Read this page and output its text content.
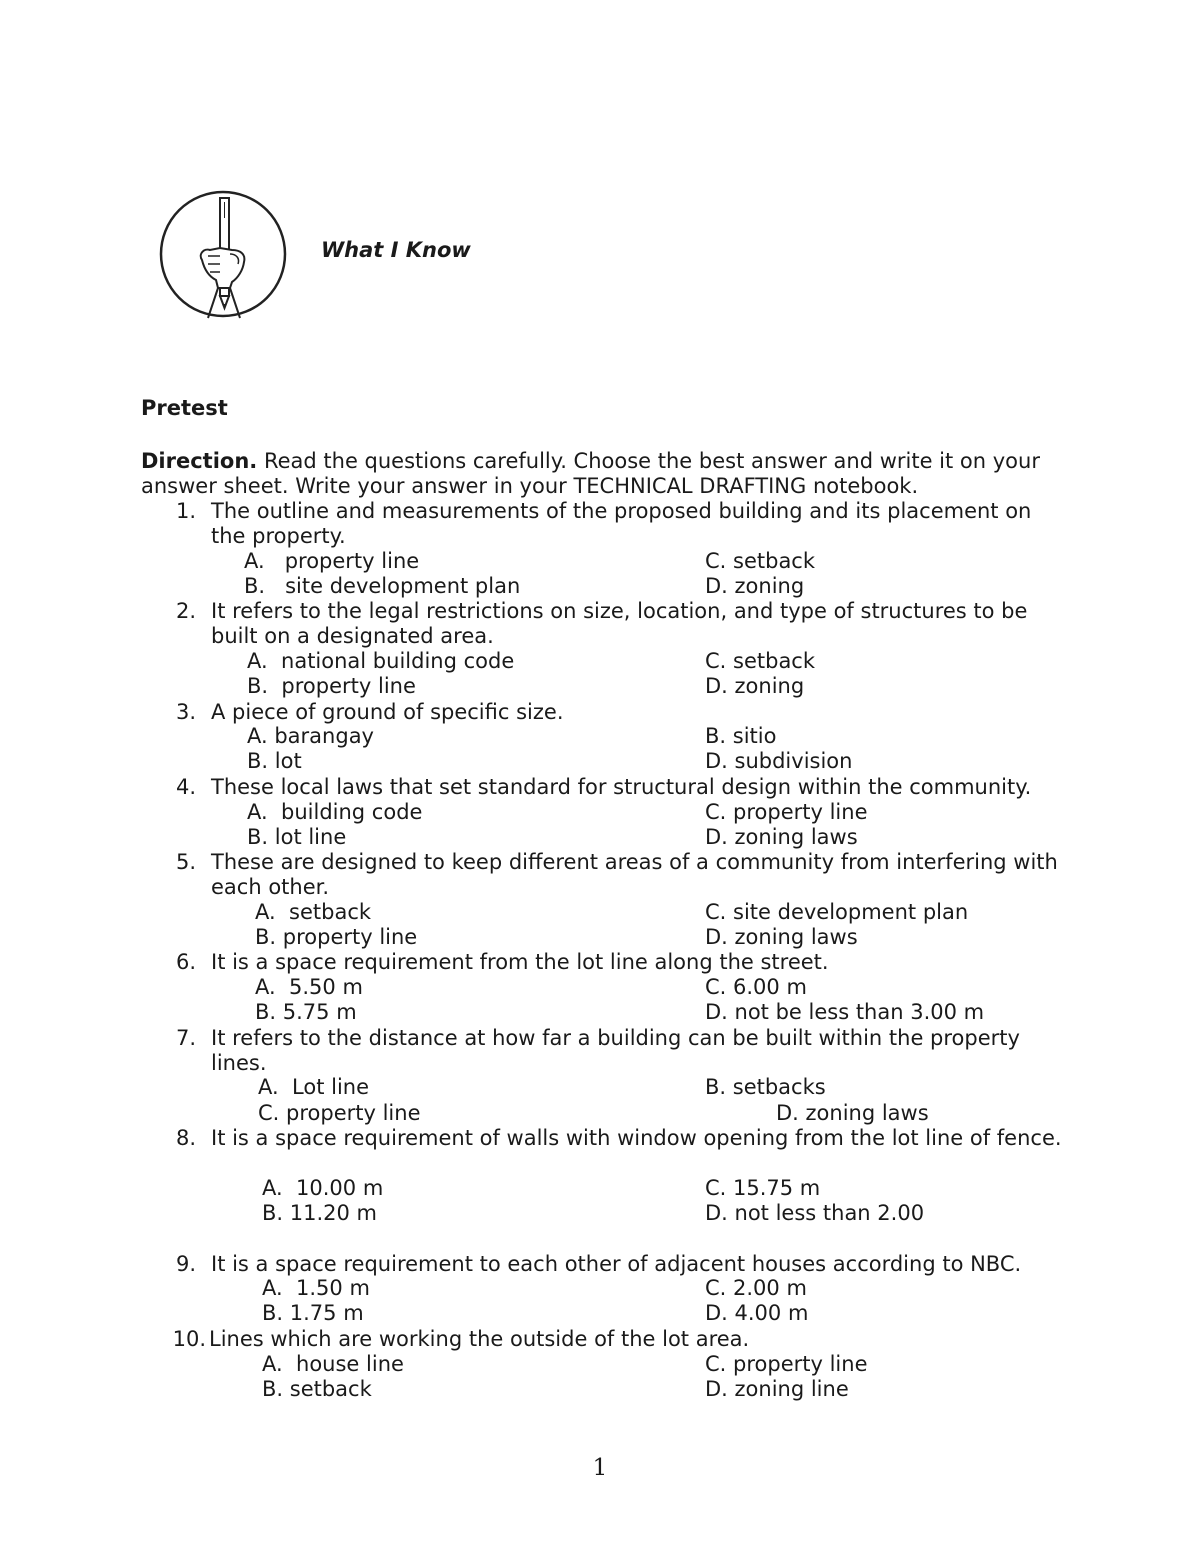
What I Know
Pretest
Direction. Read the questions carefully. Choose the best answer and write it on your answer sheet. Write your answer in your TECHNICAL DRAFTING notebook.
1. The outline and measurements of the proposed building and its placement on the property.
A.   property line
B.   site development plan
C. setback
D. zoning
2. It refers to the legal restrictions on size, location, and type of structures to be built on a designated area.
A.  national building code
B.  property line
C. setback
D. zoning
3. A piece of ground of specific size.
A. barangay
B. lot
B. sitio
D. subdivision
4. These local laws that set standard for structural design within the community.
A.  building code
B. lot line
C. property line
D. zoning laws
5. These are designed to keep different areas of a community from interfering with each other.
A.  setback
B. property line
C. site development plan
D. zoning laws
6. It is a space requirement from the lot line along the street.
A.  5.50 m
B. 5.75 m
C. 6.00 m
D. not be less than 3.00 m
7. It refers to the distance at how far a building can be built within the property lines.
A.  Lot line
C. property line
B. setbacks
D. zoning laws
8. It is a space requirement of walls with window opening from the lot line of fence.
A.  10.00 m
B. 11.20 m
C. 15.75 m
D. not less than 2.00
9. It is a space requirement to each other of adjacent houses according to NBC.
A.  1.50 m
B. 1.75 m
C. 2.00 m
D. 4.00 m
10. Lines which are working the outside of the lot area.
A.  house line
B. setback
C. property line
D. zoning line
1
